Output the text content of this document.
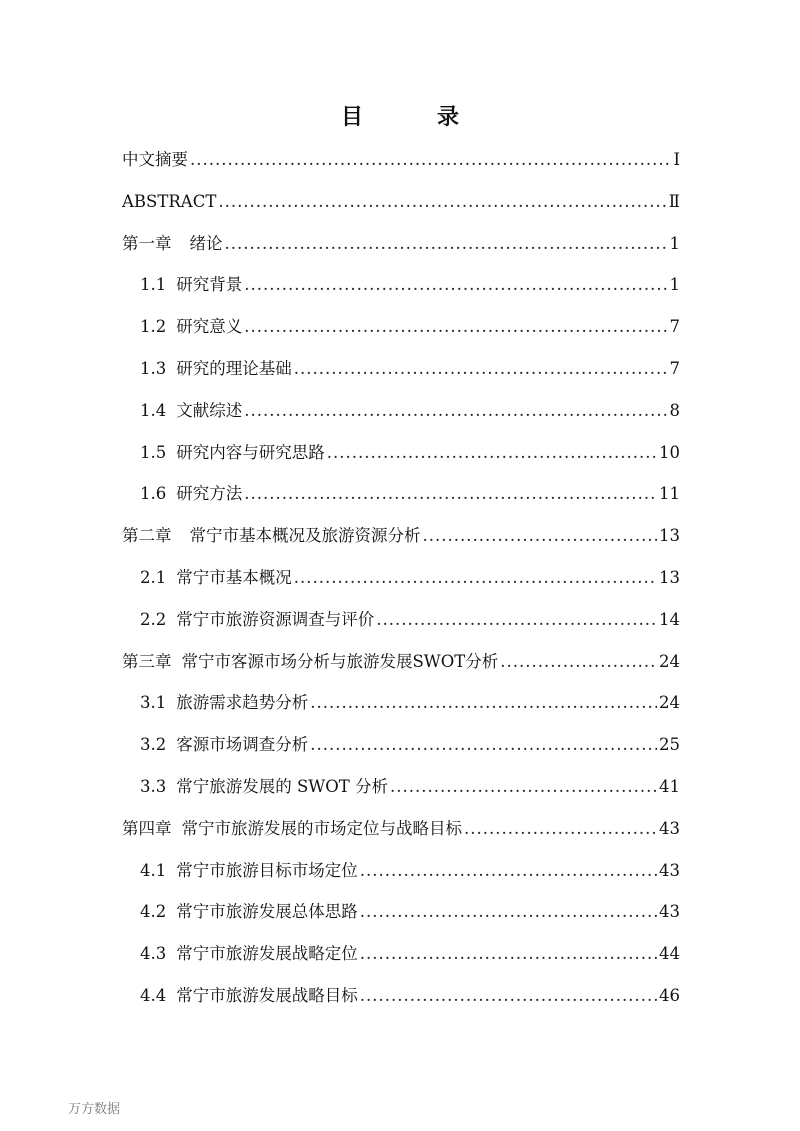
目　录
中文摘要 .....	Ⅰ
ABSTRACT .....	Ⅱ
第一章 绪论 .....	1
1.1 研究背景 .....	1
1.2 研究意义 .....	7
1.3 研究的理论基础 .....	7
1.4 文献综述 .....	8
1.5 研究内容与研究思路 .....	10
1.6 研究方法 .....	11
第二章 常宁市基本概况及旅游资源分析 .....	13
2.1 常宁市基本概况 .....	13
2.2 常宁市旅游资源调查与评价 .....	14
第三章 常宁市客源市场分析与旅游发展SWOT分析 .....	24
3.1 旅游需求趋势分析 .....	24
3.2 客源市场调查分析 .....	25
3.3 常宁旅游发展的 SWOT 分析 .....	41
第四章 常宁市旅游发展的市场定位与战略目标 .....	43
4.1 常宁市旅游目标市场定位 .....	43
4.2 常宁市旅游发展总体思路 .....	43
4.3 常宁市旅游发展战略定位 .....	44
4.4 常宁市旅游发展战略目标 .....	46
万方数据
